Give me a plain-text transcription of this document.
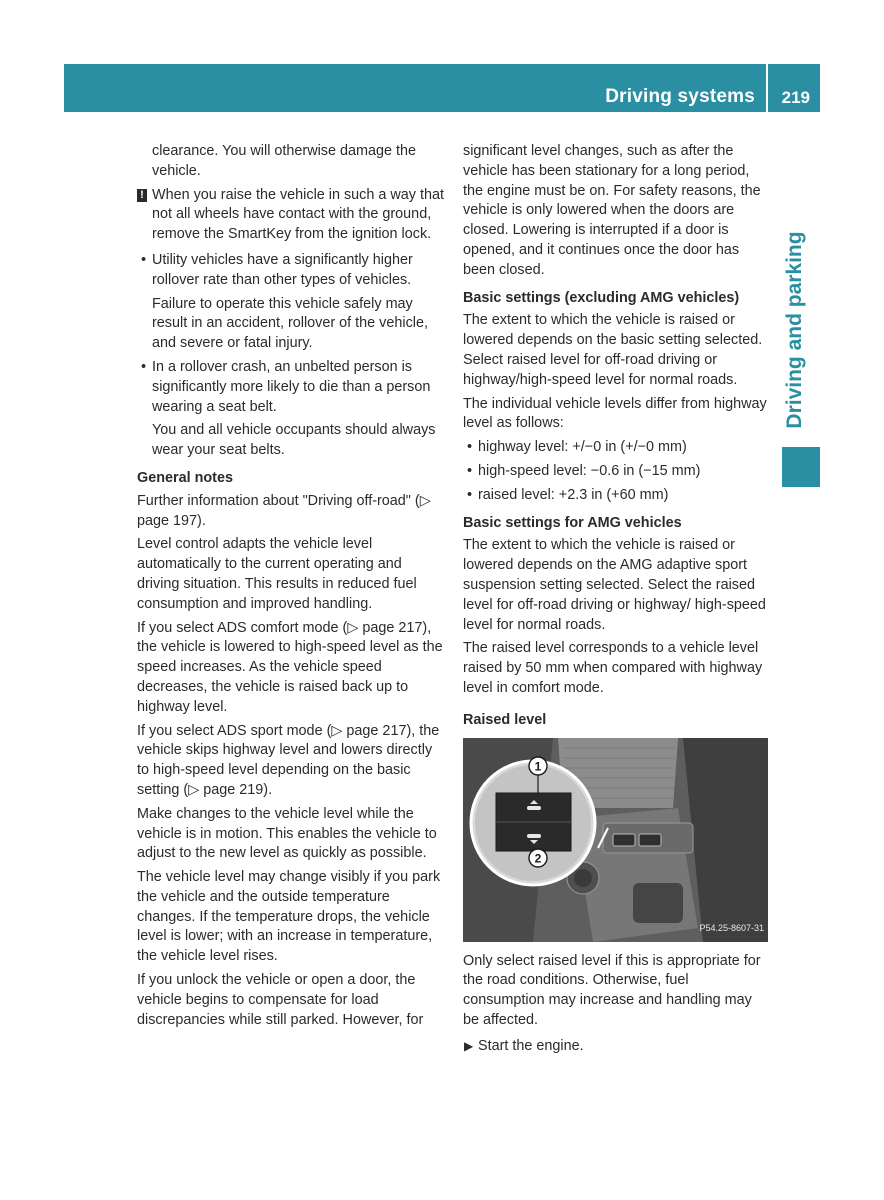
Driving systems 219
Driving and parking

clearance. You will otherwise damage the vehicle.

! When you raise the vehicle in such a way that not all wheels have contact with the ground, remove the SmartKey from the ignition lock.
• Utility vehicles have a significantly higher rollover rate than other types of vehicles.

Failure to operate this vehicle safely may result in an accident, rollover of the vehicle, and severe or fatal injury.

• In a rollover crash, an unbelted person is significantly more likely to die than a person wearing a seat belt.

You and all vehicle occupants should always wear your seat belts.

General notes

Further information about "Driving off-road" (▷ page 197).

Level control adapts the vehicle level automatically to the current operating and driving situation. This results in reduced fuel consumption and improved handling.

If you select ADS comfort mode (▷ page 217), the vehicle is lowered to high-speed level as the speed increases. As the vehicle speed decreases, the vehicle is raised back up to highway level.

If you select ADS sport mode (▷ page 217), the vehicle skips highway level and lowers directly to high-speed level depending on the basic setting (▷ page 219).

Make changes to the vehicle level while the vehicle is in motion. This enables the vehicle to adjust to the new level as quickly as possible.

The vehicle level may change visibly if you park the vehicle and the outside temperature changes. If the temperature drops, the vehicle level is lower; with an increase in temperature, the vehicle level rises.

If you unlock the vehicle or open a door, the vehicle begins to compensate for load discrepancies while still parked. However, for

significant level changes, such as after the vehicle has been stationary for a long period, the engine must be on. For safety reasons, the vehicle is only lowered when the doors are closed. Lowering is interrupted if a door is opened, and it continues once the door has been closed.

Basic settings (excluding AMG vehicles)

The extent to which the vehicle is raised or lowered depends on the basic setting selected. Select raised level for off-road driving or highway/high-speed level for normal roads.

The individual vehicle levels differ from highway level as follows:

• highway level: +/−0 in (+/−0 mm)
• high-speed level: −0.6 in (−15 mm)
• raised level: +2.3 in (+60 mm)
Basic settings for AMG vehicles

The extent to which the vehicle is raised or lowered depends on the AMG adaptive sport suspension setting selected. Select the raised level for off-road driving or highway/ high-speed level for normal roads.

The raised level corresponds to a vehicle level raised by 50 mm when compared with highway level in comfort mode.

Raised level
1
2
P54.25-8607-31

Only select raised level if this is appropriate for the road conditions. Otherwise, fuel consumption may increase and handling may be affected.

▶ Start the engine.
